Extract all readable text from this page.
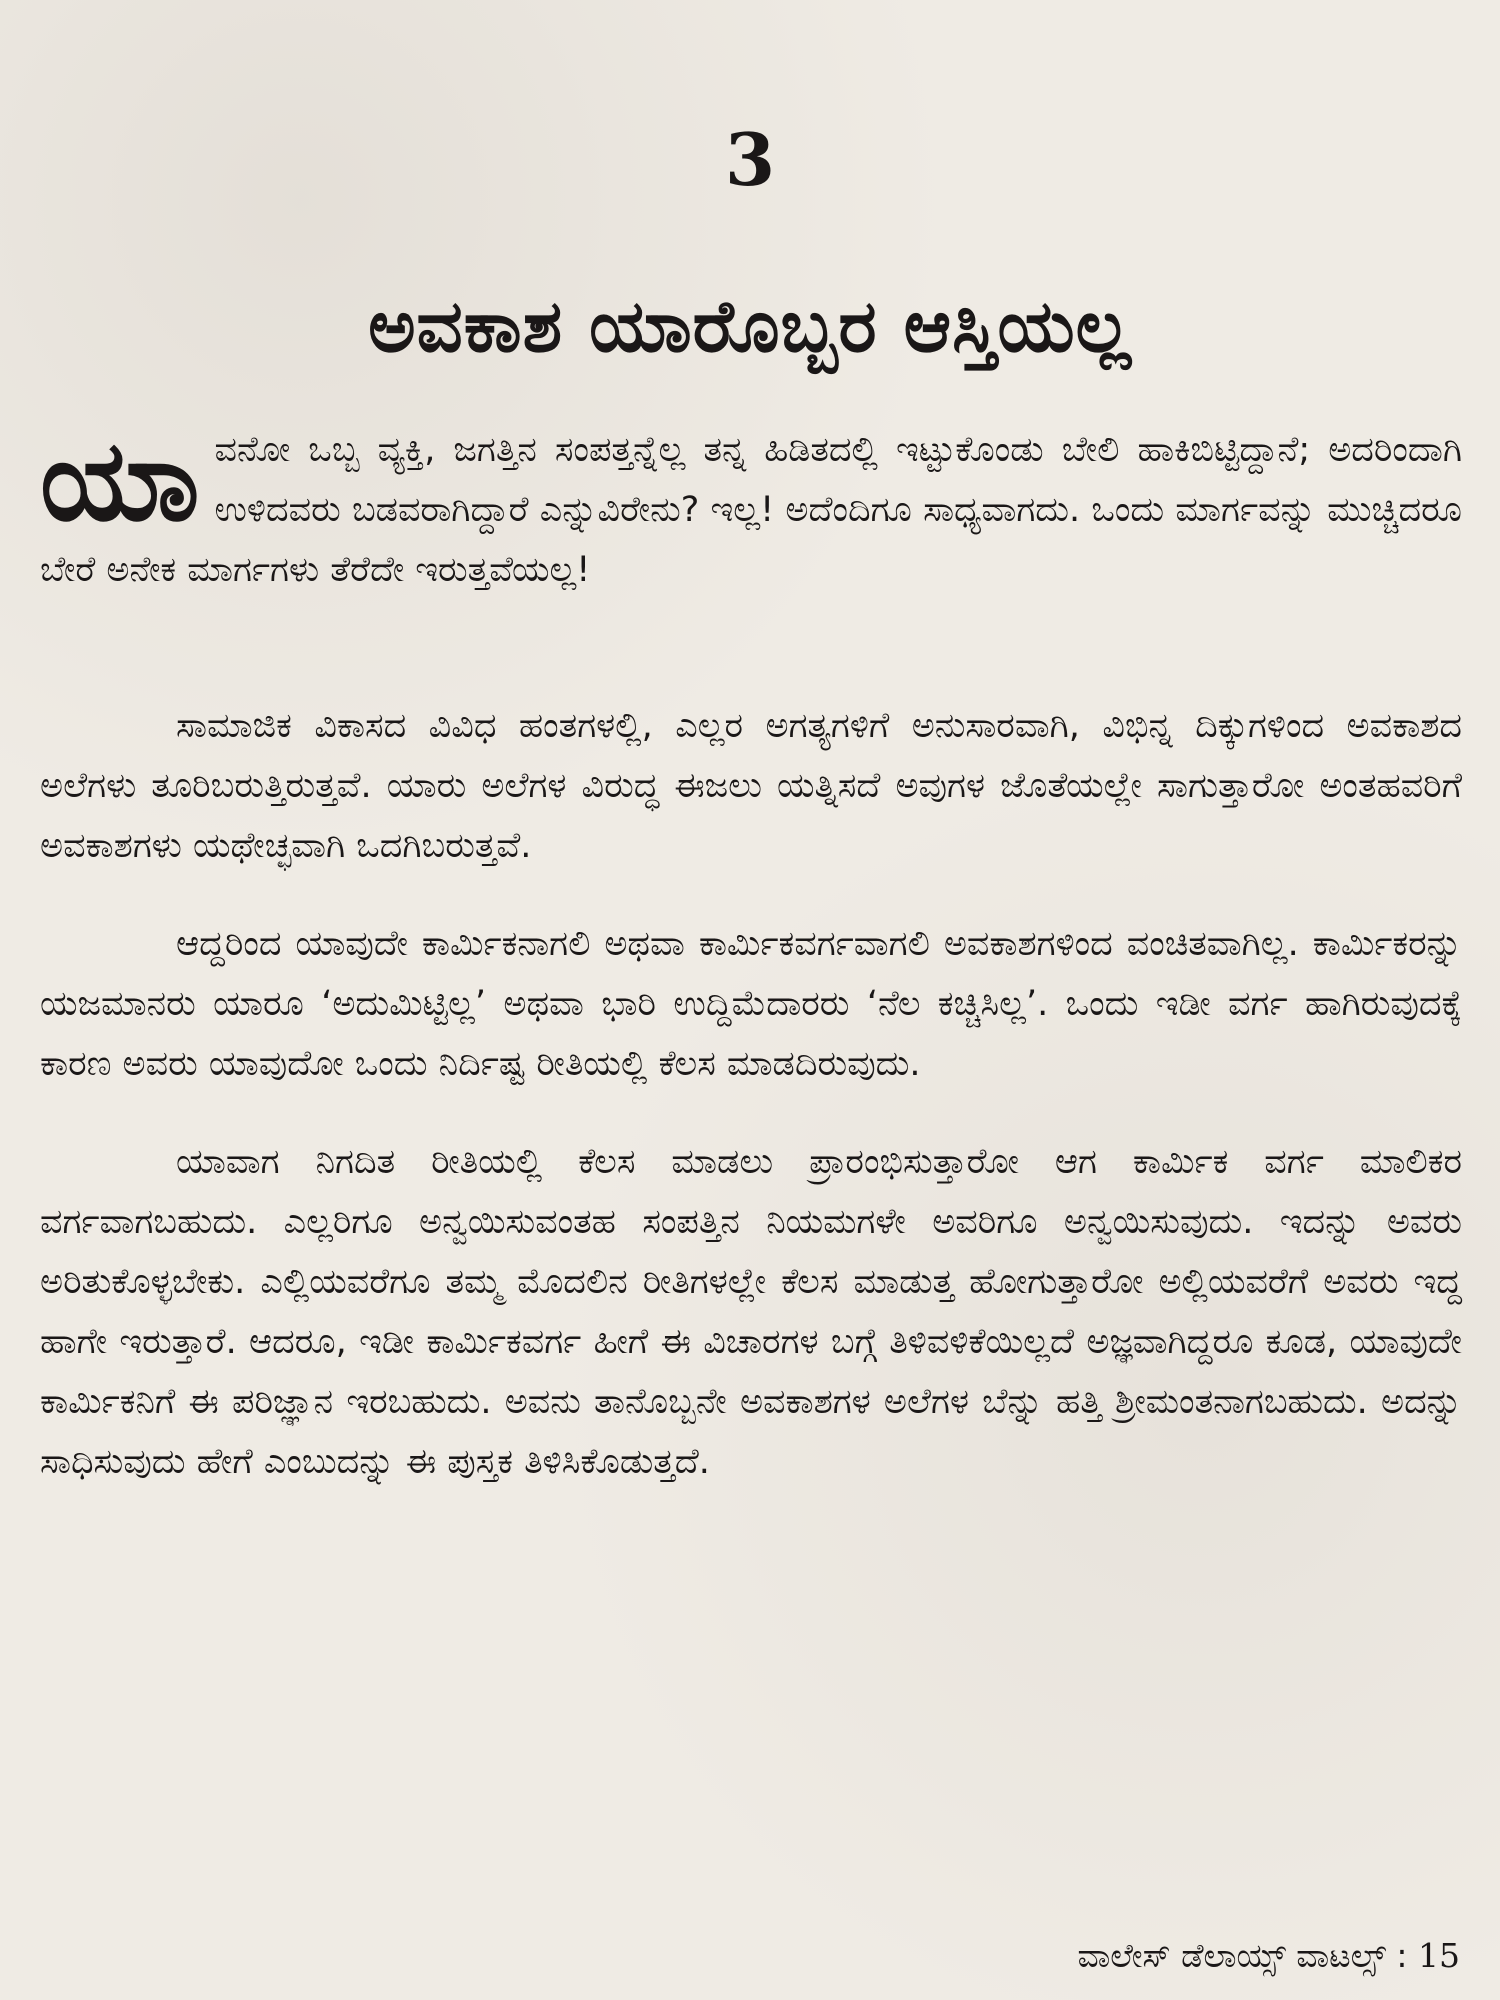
3
ಅವಕಾಶ ಯಾರೊಬ್ಬರ ಆಸ್ತಿಯಲ್ಲ

ಯಾ ವನೋ ಒಬ್ಬ ವ್ಯಕ್ತಿ, ಜಗತ್ತಿನ ಸಂಪತ್ತನ್ನೆಲ್ಲ ತನ್ನ ಹಿಡಿತದಲ್ಲಿ ಇಟ್ಟುಕೊಂಡು ಬೇಲಿ ಹಾಕಿಬಿಟ್ಟಿದ್ದಾನೆ; ಅದರಿಂದಾಗಿ ಉಳಿದವರು ಬಡವರಾಗಿದ್ದಾರೆ ಎನ್ನುವಿರೇನು? ಇಲ್ಲ! ಅದೆಂದಿಗೂ ಸಾಧ್ಯವಾಗದು. ಒಂದು ಮಾರ್ಗವನ್ನು ಮುಚ್ಚಿದರೂ ಬೇರೆ ಅನೇಕ ಮಾರ್ಗಗಳು ತೆರೆದೇ ಇರುತ್ತವೆಯಲ್ಲ!

ಸಾಮಾಜಿಕ ವಿಕಾಸದ ವಿವಿಧ ಹಂತಗಳಲ್ಲಿ, ಎಲ್ಲರ ಅಗತ್ಯಗಳಿಗೆ ಅನುಸಾರವಾಗಿ, ವಿಭಿನ್ನ ದಿಕ್ಕುಗಳಿಂದ ಅವಕಾಶದ ಅಲೆಗಳು ತೂರಿಬರುತ್ತಿರುತ್ತವೆ. ಯಾರು ಅಲೆಗಳ ವಿರುದ್ಧ ಈಜಲು ಯತ್ನಿಸದೆ ಅವುಗಳ ಜೊತೆಯಲ್ಲೇ ಸಾಗುತ್ತಾರೋ ಅಂತಹವರಿಗೆ ಅವಕಾಶಗಳು ಯಥೇಚ್ಛವಾಗಿ ಒದಗಿಬರುತ್ತವೆ.

ಆದ್ದರಿಂದ ಯಾವುದೇ ಕಾರ್ಮಿಕನಾಗಲಿ ಅಥವಾ ಕಾರ್ಮಿಕವರ್ಗವಾಗಲಿ ಅವಕಾಶಗಳಿಂದ ವಂಚಿತವಾಗಿಲ್ಲ. ಕಾರ್ಮಿಕರನ್ನು ಯಜಮಾನರು ಯಾರೂ ‘ಅದುಮಿಟ್ಟಿಲ್ಲ’ ಅಥವಾ ಭಾರಿ ಉದ್ದಿಮೆದಾರರು ‘ನೆಲ ಕಚ್ಚಿಸಿಲ್ಲ’. ಒಂದು ಇಡೀ ವರ್ಗ ಹಾಗಿರುವುದಕ್ಕೆ ಕಾರಣ ಅವರು ಯಾವುದೋ ಒಂದು ನಿರ್ದಿಷ್ಟ ರೀತಿಯಲ್ಲಿ ಕೆಲಸ ಮಾಡದಿರುವುದು.

ಯಾವಾಗ ನಿಗದಿತ ರೀತಿಯಲ್ಲಿ ಕೆಲಸ ಮಾಡಲು ಪ್ರಾರಂಭಿಸುತ್ತಾರೋ ಆಗ ಕಾರ್ಮಿಕ ವರ್ಗ ಮಾಲಿಕರ ವರ್ಗವಾಗಬಹುದು. ಎಲ್ಲರಿಗೂ ಅನ್ವಯಿಸುವಂತಹ ಸಂಪತ್ತಿನ ನಿಯಮಗಳೇ ಅವರಿಗೂ ಅನ್ವಯಿಸುವುದು. ಇದನ್ನು ಅವರು ಅರಿತುಕೊಳ್ಳಬೇಕು. ಎಲ್ಲಿಯವರೆಗೂ ತಮ್ಮ ಮೊದಲಿನ ರೀತಿಗಳಲ್ಲೇ ಕೆಲಸ ಮಾಡುತ್ತ ಹೋಗುತ್ತಾರೋ ಅಲ್ಲಿಯವರೆಗೆ ಅವರು ಇದ್ದ ಹಾಗೇ ಇರುತ್ತಾರೆ. ಆದರೂ, ಇಡೀ ಕಾರ್ಮಿಕವರ್ಗ ಹೀಗೆ ಈ ವಿಚಾರಗಳ ಬಗ್ಗೆ ತಿಳಿವಳಿಕೆಯಿಲ್ಲದೆ ಅಜ್ಞವಾಗಿದ್ದರೂ ಕೂಡ, ಯಾವುದೇ ಕಾರ್ಮಿಕನಿಗೆ ಈ ಪರಿಜ್ಞಾನ ಇರಬಹುದು. ಅವನು ತಾನೊಬ್ಬನೇ ಅವಕಾಶಗಳ ಅಲೆಗಳ ಬೆನ್ನು ಹತ್ತಿ ಶ್ರೀಮಂತನಾಗಬಹುದು. ಅದನ್ನು ಸಾಧಿಸುವುದು ಹೇಗೆ ಎಂಬುದನ್ನು ಈ ಪುಸ್ತಕ ತಿಳಿಸಿಕೊಡುತ್ತದೆ.

ವಾಲೇಸ್ ಡೆಲಾಯ್ಸ್ ವಾಟಲ್ಸ್ : 15
